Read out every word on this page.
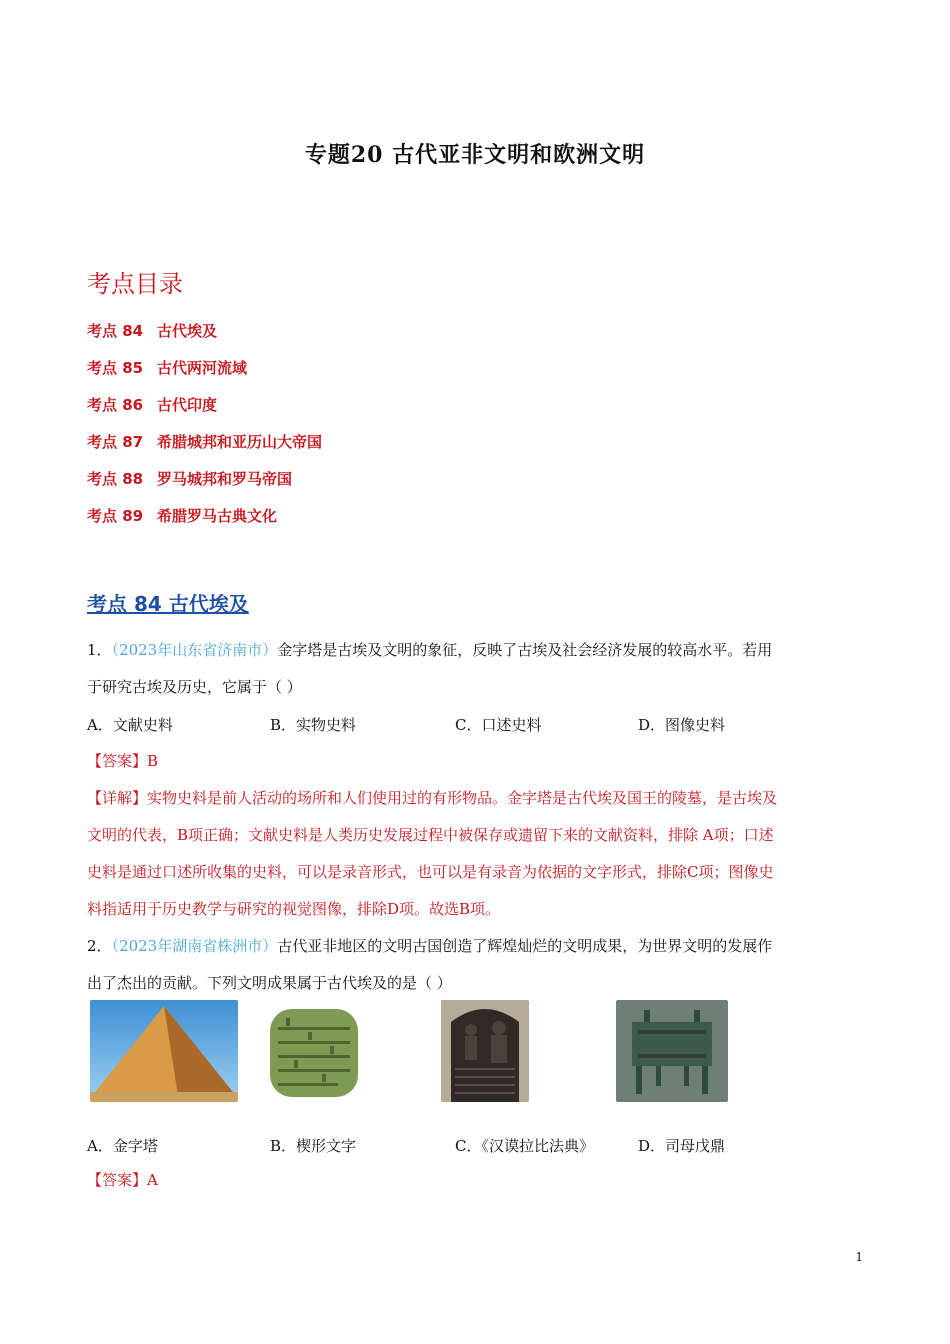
专题20 古代亚非文明和欧洲文明
考点目录
考点 84 古代埃及
考点 85 古代两河流域
考点 86 古代印度
考点 87 希腊城邦和亚历山大帝国
考点 88 罗马城邦和罗马帝国
考点 89 希腊罗马古典文化
考点 84 古代埃及
1．（2023年山东省济南市）金字塔是古埃及文明的象征，反映了古埃及社会经济发展的较高水平。若用
于研究古埃及历史，它属于（ ）
A．文献史料	B．实物史料	C．口述史料	D．图像史料
【答案】B
【详解】实物史料是前人活动的场所和人们使用过的有形物品。金字塔是古代埃及国王的陵墓，是古埃及
文明的代表，B项正确；文献史料是人类历史发展过程中被保存或遗留下来的文献资料，排除 A项；口述
史料是通过口述所收集的史料，可以是录音形式，也可以是有录音为依据的文字形式，排除C项；图像史
料指适用于历史教学与研究的视觉图像，排除D项。故选B项。
2．（2023年湖南省株洲市）古代亚非地区的文明古国创造了辉煌灿烂的文明成果，为世界文明的发展作
出了杰出的贡献。下列文明成果属于古代埃及的是（ ）
A．金字塔	B．楔形文字	C．《汉谟拉比法典》	D．司母戊鼎
【答案】A
1
